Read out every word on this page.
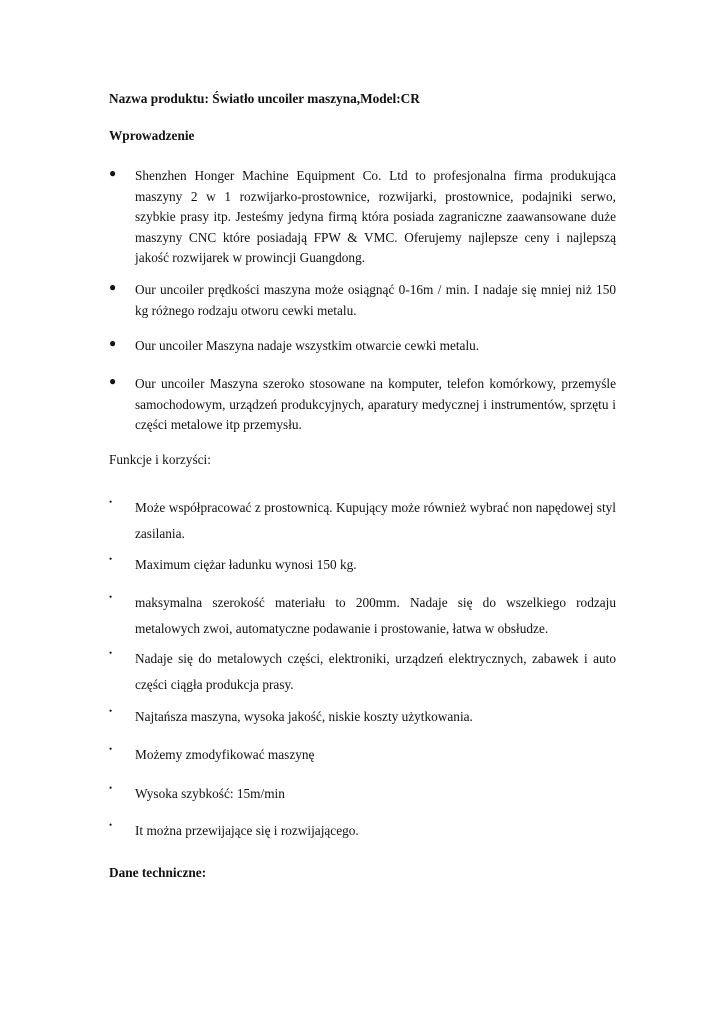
Nazwa produktu: Światło uncoiler maszyna,Model:CR

Wprowadzenie

● Shenzhen Honger Machine Equipment Co. Ltd to profesjonalna firma produkująca maszyny 2 w 1 rozwijarko-prostownice, rozwijarki, prostownice, podajniki serwo, szybkie prasy itp. Jesteśmy jedyna firmą która posiada zagraniczne zaawansowane duże maszyny CNC które posiadają FPW & VMC. Oferujemy najlepsze ceny i najlepszą jakość rozwijarek w prowincji Guangdong.
● Our uncoiler prędkości maszyna może osiągnąć 0-16m / min. I nadaje się mniej niż 150 kg różnego rodzaju otworu cewki metalu.
● Our uncoiler Maszyna nadaje wszystkim otwarcie cewki metalu.
● Our uncoiler Maszyna szeroko stosowane na komputer, telefon komórkowy, przemyśle samochodowym, urządzeń produkcyjnych, aparatury medycznej i instrumentów, sprzętu i części metalowe itp przemysłu.

Funkcje i korzyści:

• Może współpracować z prostownicą. Kupujący może również wybrać non napędowej styl zasilania.
• Maximum ciężar ładunku wynosi 150 kg.
• maksymalna szerokość materiału to 200mm. Nadaje się do wszelkiego rodzaju metalowych zwoi, automatyczne podawanie i prostowanie, łatwa w obsłudze.
• Nadaje się do metalowych części, elektroniki, urządzeń elektrycznych, zabawek i auto części ciągła produkcja prasy.
• Najtańsza maszyna, wysoka jakość, niskie koszty użytkowania.
• Możemy zmodyfikować maszynę
• Wysoka szybkość: 15m/min
• It można przewijające się i rozwijającego.

Dane techniczne:
